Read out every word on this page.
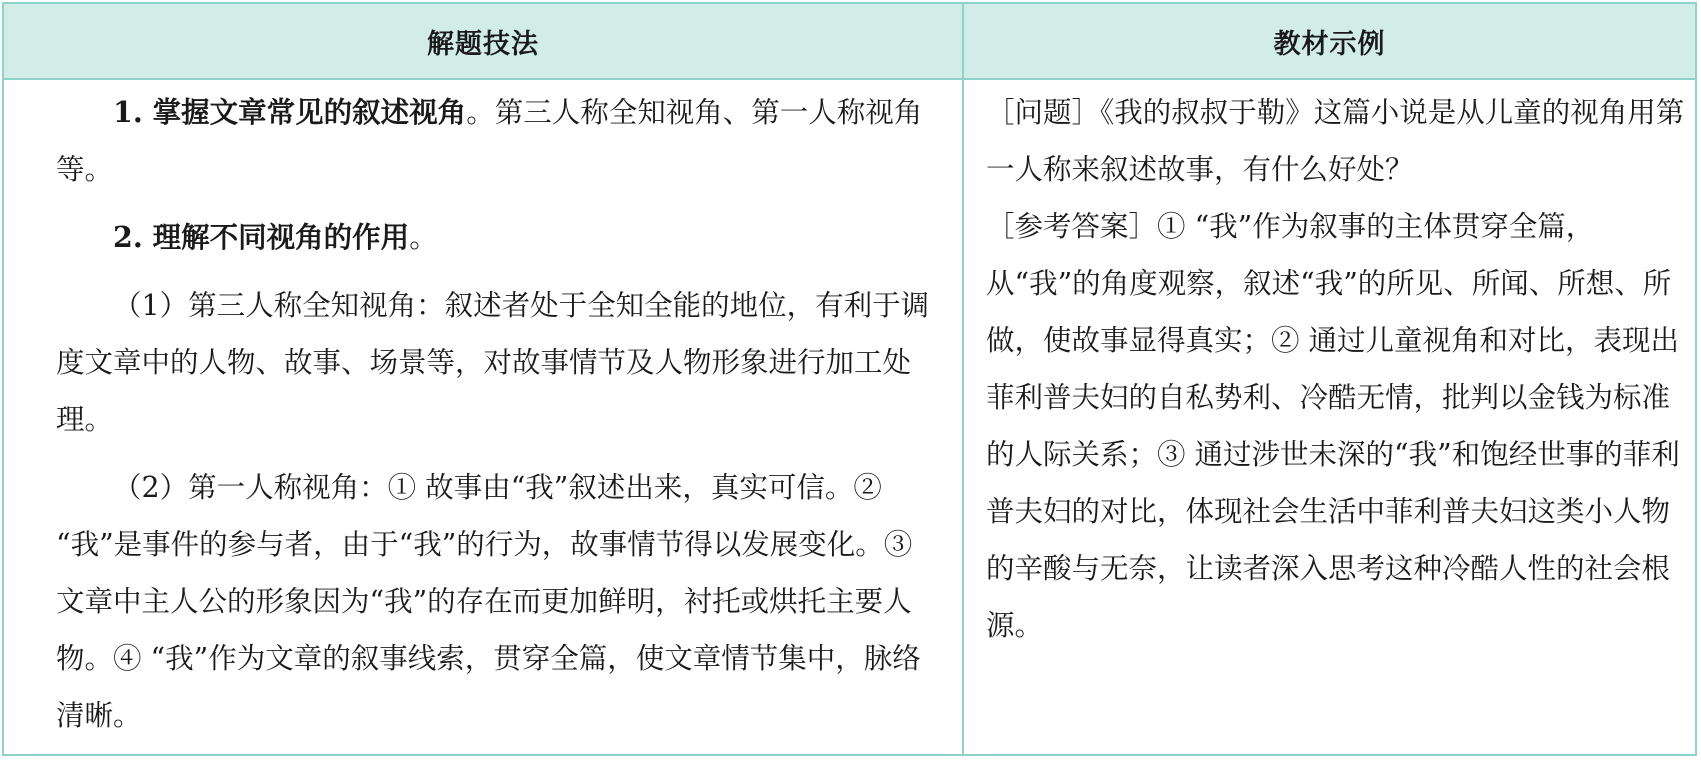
解题技法	教材示例

1. 掌握文章常见的叙述视角。第三人称全知视角、第一人称视角等。

2. 理解不同视角的作用。

（1）第三人称全知视角：叙述者处于全知全能的地位，有利于调度文章中的人物、故事、场景等，对故事情节及人物形象进行加工处理。

（2）第一人称视角：① 故事由“我”叙述出来，真实可信。② “我”是事件的参与者，由于“我”的行为，故事情节得以发展变化。③ 文章中主人公的形象因为“我”的存在而更加鲜明，衬托或烘托主要人物。④ “我”作为文章的叙事线索，贯穿全篇，使文章情节集中，脉络清晰。

［问题］《我的叔叔于勒》这篇小说是从儿童的视角用第一人称来叙述故事，有什么好处？

［参考答案］① “我”作为叙事的主体贯穿全篇，从“我”的角度观察，叙述“我”的所见、所闻、所想、所做，使故事显得真实；② 通过儿童视角和对比，表现出菲利普夫妇的自私势利、冷酷无情，批判以金钱为标准的人际关系；③ 通过涉世未深的“我”和饱经世事的菲利普夫妇的对比，体现社会生活中菲利普夫妇这类小人物的辛酸与无奈，让读者深入思考这种冷酷人性的社会根源。
